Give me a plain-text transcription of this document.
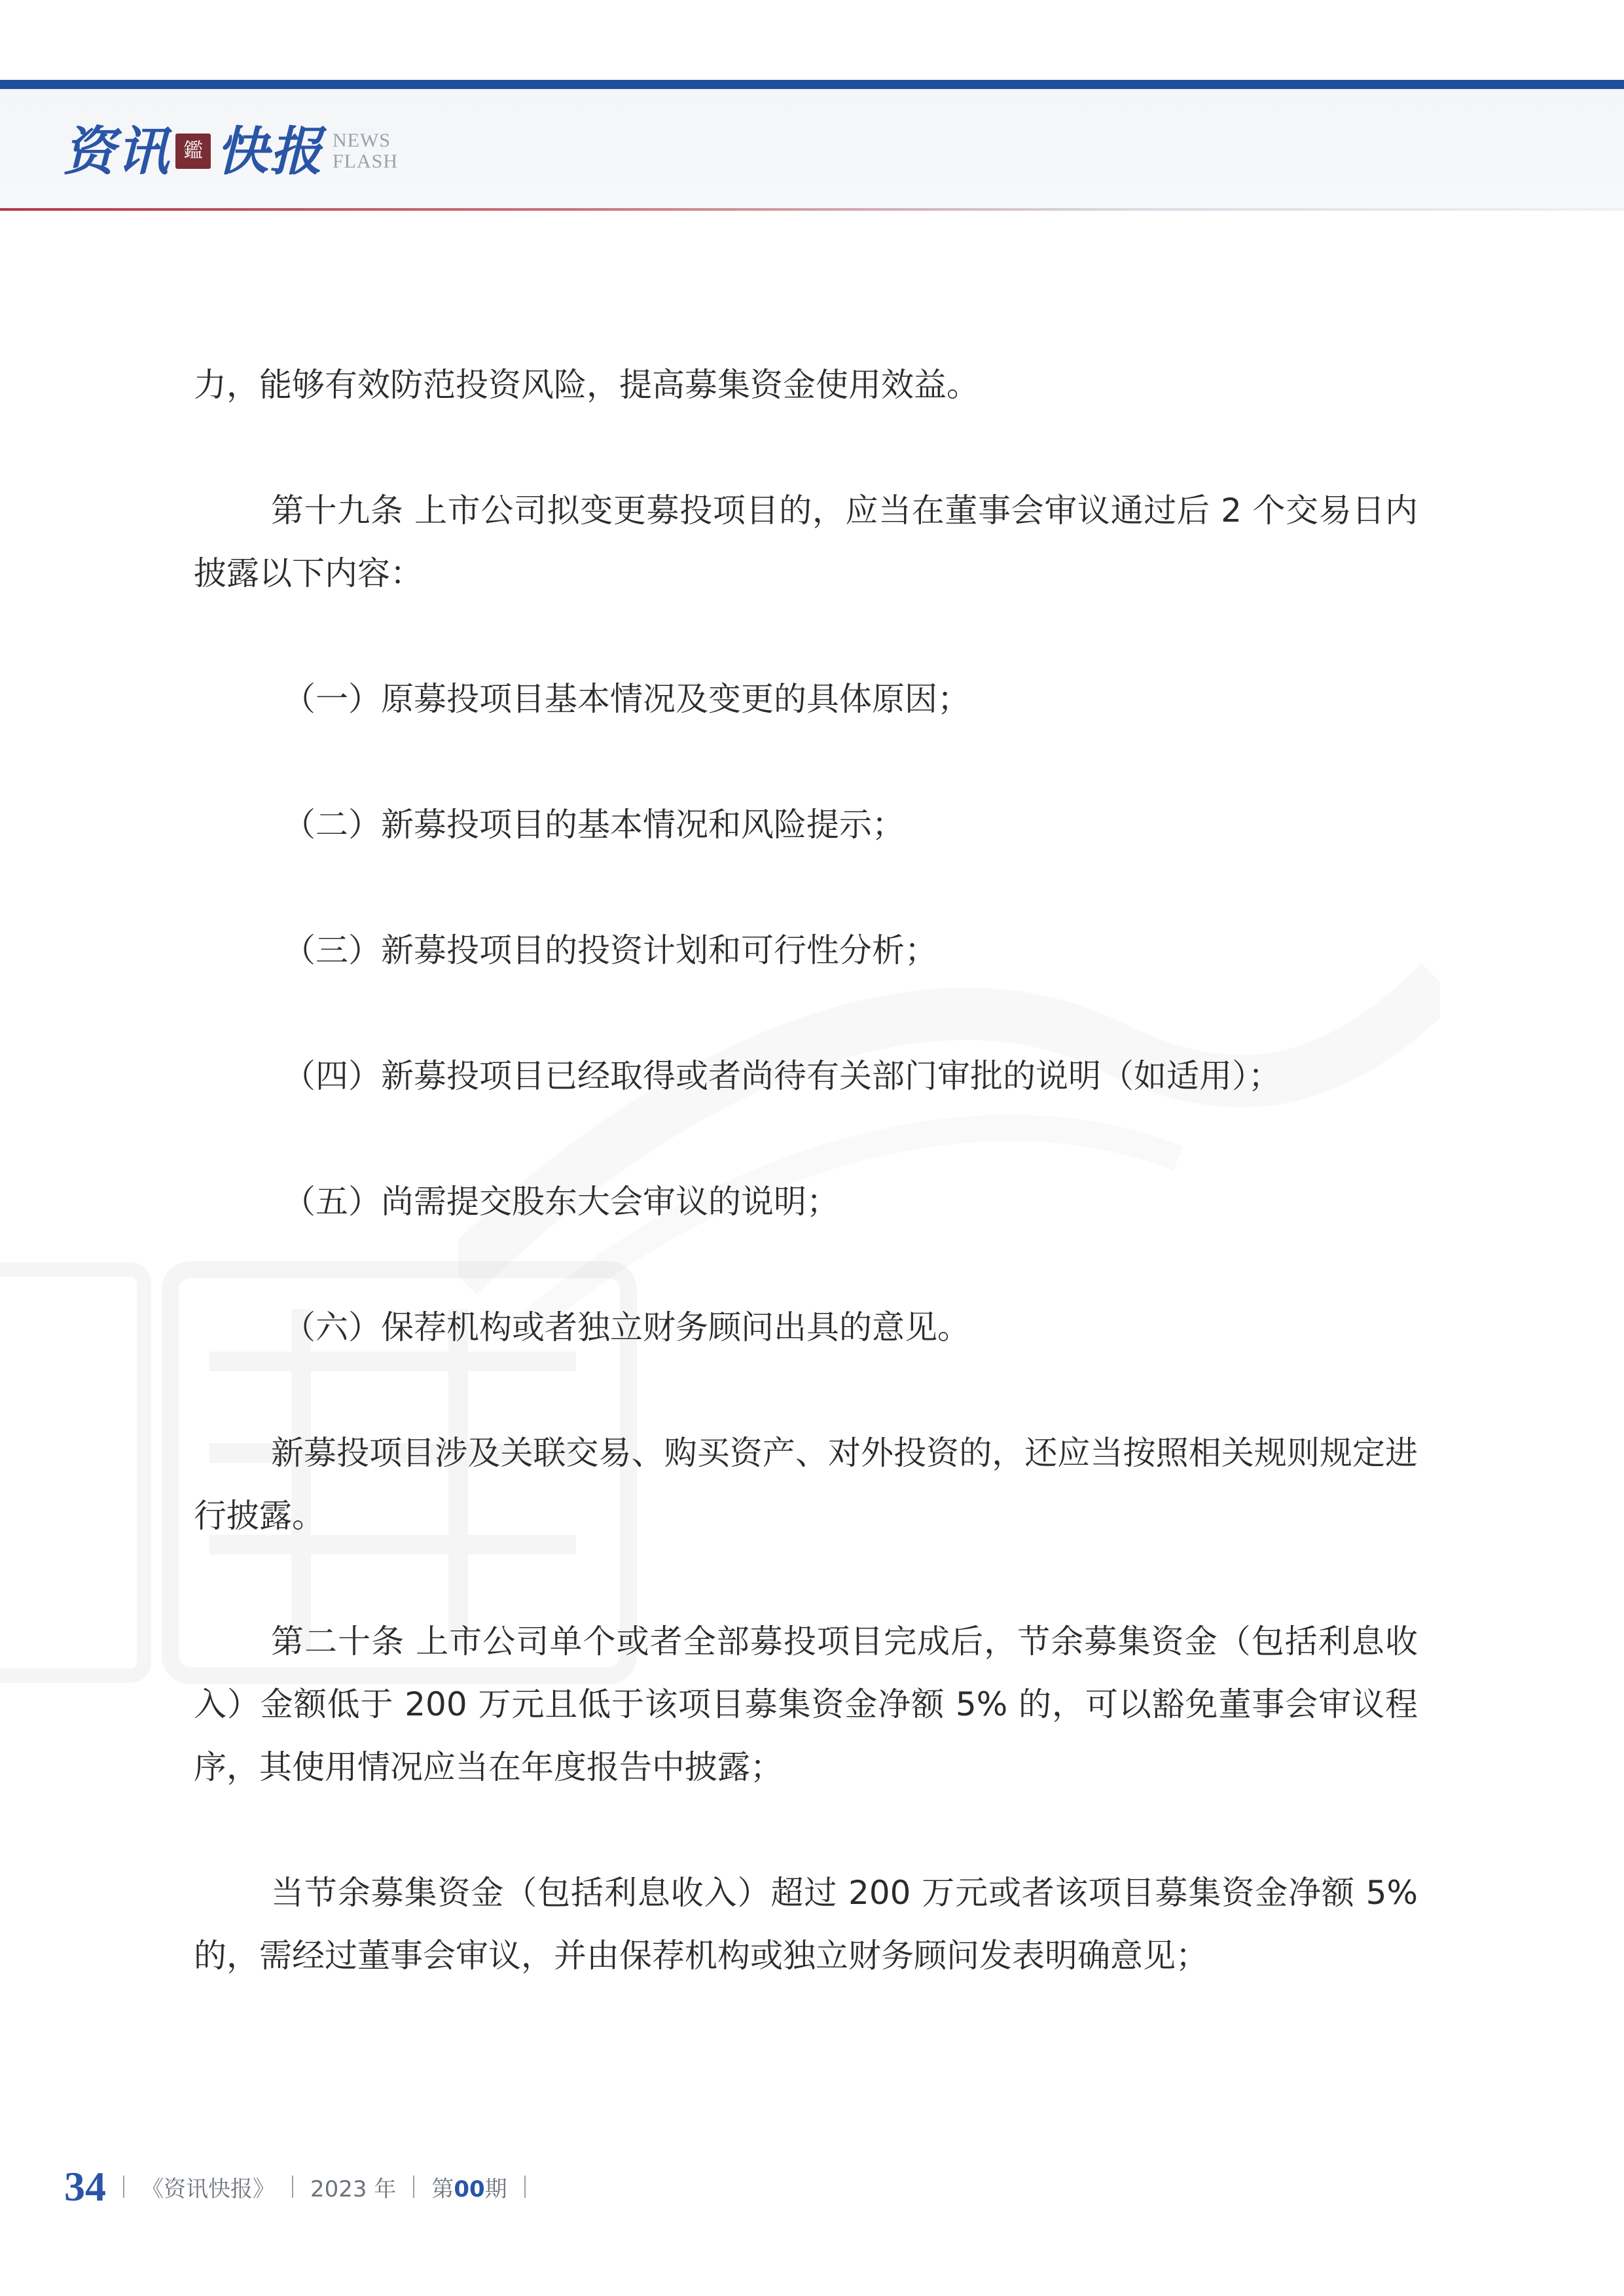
资讯 鑑 快报 NEWS
FLASH

力，能够有效防范投资风险，提高募集资金使用效益。

第十九条 上市公司拟变更募投项目的，应当在董事会审议通过后 2 个交易日内披露以下内容：

（一）原募投项目基本情况及变更的具体原因；
（二）新募投项目的基本情况和风险提示；
（三）新募投项目的投资计划和可行性分析；
（四）新募投项目已经取得或者尚待有关部门审批的说明（如适用）；
（五）尚需提交股东大会审议的说明；
（六）保荐机构或者独立财务顾问出具的意见。

新募投项目涉及关联交易、购买资产、对外投资的，还应当按照相关规则规定进行披露。

第二十条 上市公司单个或者全部募投项目完成后，节余募集资金（包括利息收入）金额低于 200 万元且低于该项目募集资金净额 5% 的，可以豁免董事会审议程序，其使用情况应当在年度报告中披露；

当节余募集资金（包括利息收入）超过 200 万元或者该项目募集资金净额 5% 的，需经过董事会审议，并由保荐机构或独立财务顾问发表明确意见；

34 《资讯快报》 2023 年 第00期
